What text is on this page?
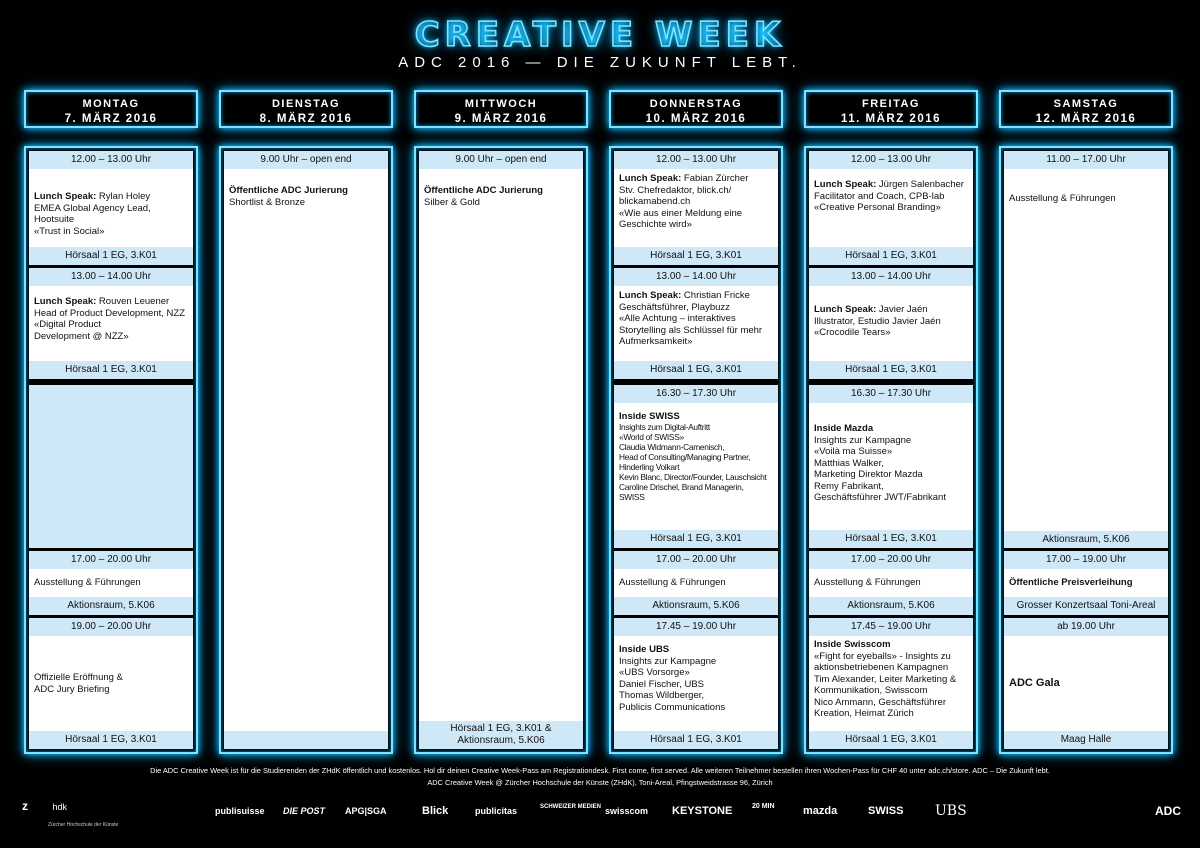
CREATIVE WEEK
ADC 2016 — DIE ZUKUNFT LEBT.
MONTAG
7. MÄRZ 2016
12.00 – 13.00 Uhr
Lunch Speak: Rylan Holey
EMEA Global Agency Lead, Hootsuite
«Trust in Social»
Hörsaal 1 EG, 3.K01
13.00 – 14.00 Uhr
Lunch Speak: Rouven Leuener
Head of Product Development, NZZ
«Digital Product
Development @ NZZ»
Hörsaal 1 EG, 3.K01
17.00 – 20.00 Uhr
Ausstellung & Führungen
Aktionsraum, 5.K06
19.00 – 20.00 Uhr
Offizielle Eröffnung &
ADC Jury Briefing
Hörsaal 1 EG, 3.K01
DIENSTAG
8. MÄRZ 2016
9.00 Uhr – open end
Öffentliche ADC Jurierung
Shortlist & Bronze
MITTWOCH
9. MÄRZ 2016
9.00 Uhr – open end
Öffentliche ADC Jurierung
Silber & Gold
Hörsaal 1 EG, 3.K01 &
Aktionsraum, 5.K06
DONNERSTAG
10. MÄRZ 2016
12.00 – 13.00 Uhr
Lunch Speak: Fabian Zürcher
Stv. Chefredaktor, blick.ch/
blickamabend.ch
«Wie aus einer Meldung eine
Geschichte wird»
Hörsaal 1 EG, 3.K01
13.00 – 14.00 Uhr
Lunch Speak: Christian Fricke
Geschäftsführer, Playbuzz
«Alle Achtung – interaktives
Storytelling als Schlüssel für mehr
Aufmerksamkeit»
Hörsaal 1 EG, 3.K01
16.30 – 17.30 Uhr
Inside SWISS
Insights zum Digital-Auftritt
«World of SWISS»
Claudia Widmann-Camenisch,
Head of Consulting/Managing Partner,
Hinderling Volkart
Kevin Blanc, Director/Founder, Lauschsicht
Caroline Drischel, Brand Managerin,
SWISS
Hörsaal 1 EG, 3.K01
17.00 – 20.00 Uhr
Ausstellung & Führungen
Aktionsraum, 5.K06
17.45 – 19.00 Uhr
Inside UBS
Insights zur Kampagne
«UBS Vorsorge»
Daniel Fischer, UBS
Thomas Wildberger,
Publicis Communications
Hörsaal 1 EG, 3.K01
FREITAG
11. MÄRZ 2016
12.00 – 13.00 Uhr
Lunch Speak: Jürgen Salenbacher
Facilitator and Coach, CPB-lab
«Creative Personal Branding»
Hörsaal 1 EG, 3.K01
13.00 – 14.00 Uhr
Lunch Speak: Javier Jaén
Illustrator, Estudio Javier Jaén
«Crocodile Tears»
Hörsaal 1 EG, 3.K01
16.30 – 17.30 Uhr
Inside Mazda
Insights zur Kampagne
«Voilà ma Suisse»
Matthias Walker,
Marketing Direktor Mazda
Remy Fabrikant,
Geschäftsführer JWT/Fabrikant
Hörsaal 1 EG, 3.K01
17.00 – 20.00 Uhr
Ausstellung & Führungen
Aktionsraum, 5.K06
17.45 – 19.00 Uhr
Inside Swisscom
«Fight for eyeballs» - Insights zu
aktionsbetriebenen Kampagnen
Tim Alexander, Leiter Marketing &
Kommunikation, Swisscom
Nico Ammann, Geschäftsführer
Kreation, Heimat Zürich
Hörsaal 1 EG, 3.K01
SAMSTAG
12. MÄRZ 2016
11.00 – 17.00 Uhr
Ausstellung & Führungen
Aktionsraum, 5.K06
17.00 – 19.00 Uhr
Öffentliche Preisverleihung
Grosser Konzertsaal Toni-Areal
ab 19.00 Uhr
ADC Gala
Maag Halle
Die ADC Creative Week ist für die Studierenden der ZHdK öffentlich und kostenlos. Hol dir deinen Creative Week-Pass am Registrationdesk. First come, first served. Alle weiteren Teilnehmer bestellen ihren Wochen-Pass für CHF 40 unter adc.ch/store. ADC – Die Zukunft lebt.
ADC Creative Week @ Zürcher Hochschule der Künste (ZHdK), Toni-Areal, Pfingstweidstrasse 96, Zürich
z	hdk
Zürcher Hochschule der Künste
publisuisse DIE POST APG|SGA	Blick	publicitas	SCHWEIZER MEDIEN swisscom KEYSTONE	20 MIN	mazda	SWISS UBS	ADC
